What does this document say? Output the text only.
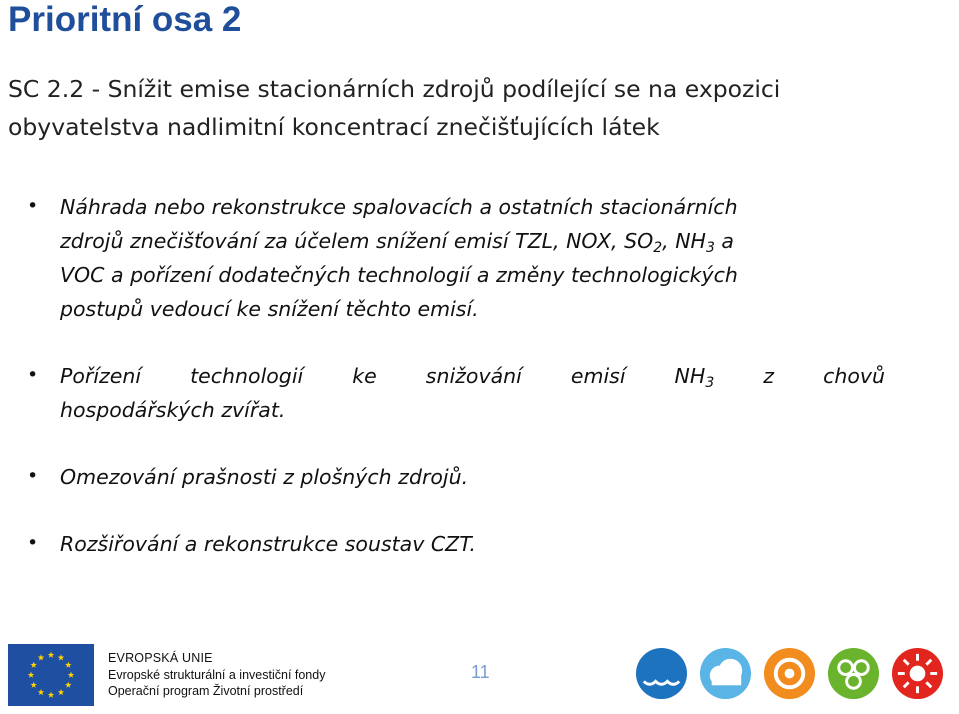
Prioritní osa 2
SC 2.2 - Snížit emise stacionárních zdrojů podílející se na expozici
obyvatelstva nadlimitní koncentrací znečišťujících látek
• Náhrada nebo rekonstrukce spalovacích a ostatních stacionárních
zdrojů znečišťování za účelem snížení emisí TZL, NOX, $SO_2$, $NH_3$ a
VOC a pořízení dodatečných technologií a změny technologických
postupů vedoucí ke snížení těchto emisí.
• Pořízení technologií ke snižování emisí $NH_3$ z chovů
hospodářských zvířat.
• Omezování prašnosti z plošných zdrojů.
• Rozšiřování a rekonstrukce soustav CZT.
EVROPSKÁ UNIE
Evropské strukturální a investiční fondy
Operační program Životní prostředí
11
